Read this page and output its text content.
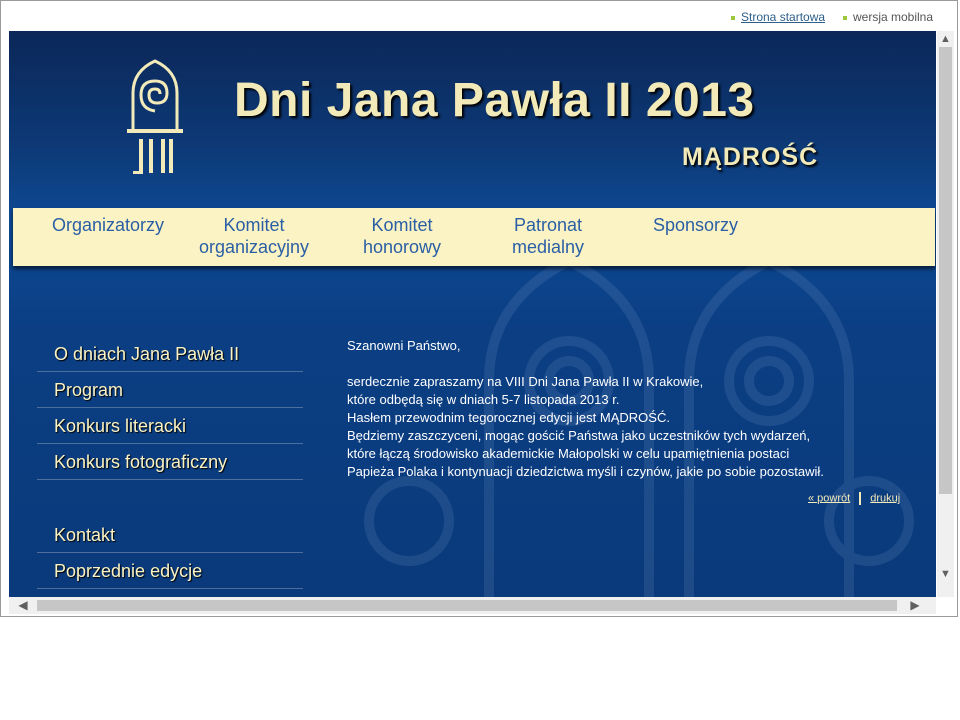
Strona startowa	wersja mobilna
Dni Jana Pawła II 2013
MĄDROŚĆ
Organizatorzy	Komitet
organizacyjny
Komitet
honorowy
Patronat
medialny
Sponsorzy
O dniach Jana Pawła II
Program
Konkurs literacki
Konkurs fotograficzny
Kontakt
Poprzednie edycje

Szanowni Państwo,

serdecznie zapraszamy na VIII Dni Jana Pawła II w Krakowie,

które odbędą się w dniach 5-7 listopada 2013 r.

Hasłem przewodnim tegorocznej edycji jest MĄDROŚĆ.

Będziemy zaszczyceni, mogąc gościć Państwa jako uczestników tych wydarzeń,

które łączą środowisko akademickie Małopolski w celu upamiętnienia postaci

Papieża Polaka i kontynuacji dziedzictwa myśli i czynów, jakie po sobie pozostawił.

« powrót drukuj
▲
▼
◀	▶
